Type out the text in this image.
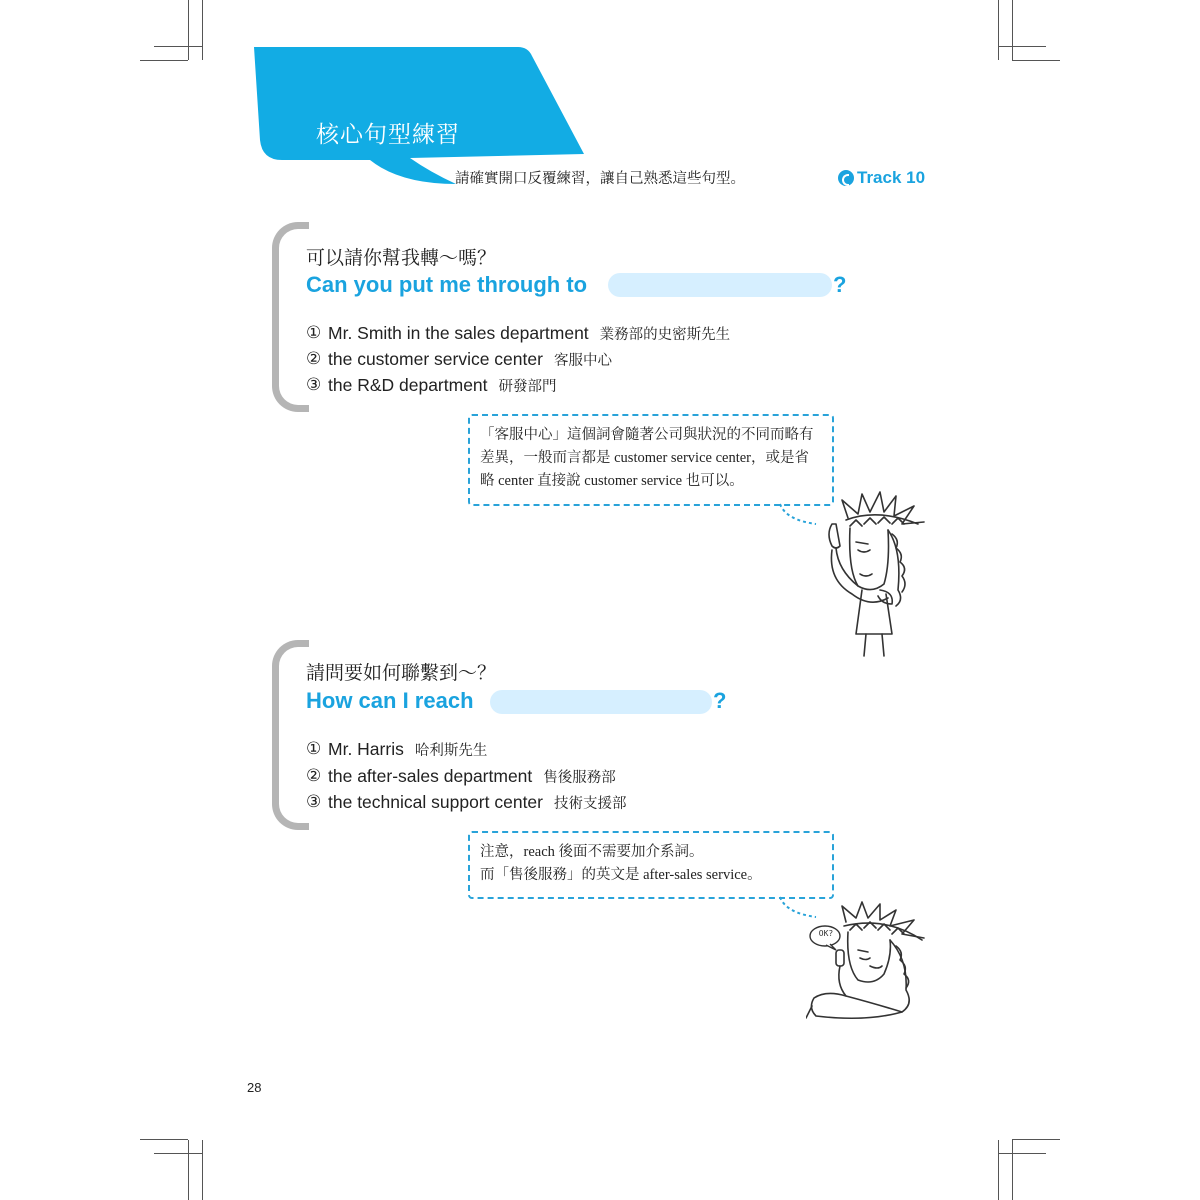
核心句型練習
請確實開口反覆練習，讓自己熟悉這些句型。	Track 10
可以請你幫我轉～嗎？
Can you put me through to	?
① Mr. Smith in the sales department 業務部的史密斯先生
② the customer service center 客服中心
③ the R&D department 研發部門
「客服中心」這個詞會隨著公司與狀況的不同而略有
差異，一般而言都是 customer service center，或是省
略 center 直接說 customer service 也可以。
請問要如何聯繫到～？
How can I reach	?
① Mr. Harris 哈利斯先生
② the after-sales department 售後服務部
③ the technical support center 技術支援部
注意，reach 後面不需要加介系詞。
而「售後服務」的英文是 after-sales service。
OK?
28
